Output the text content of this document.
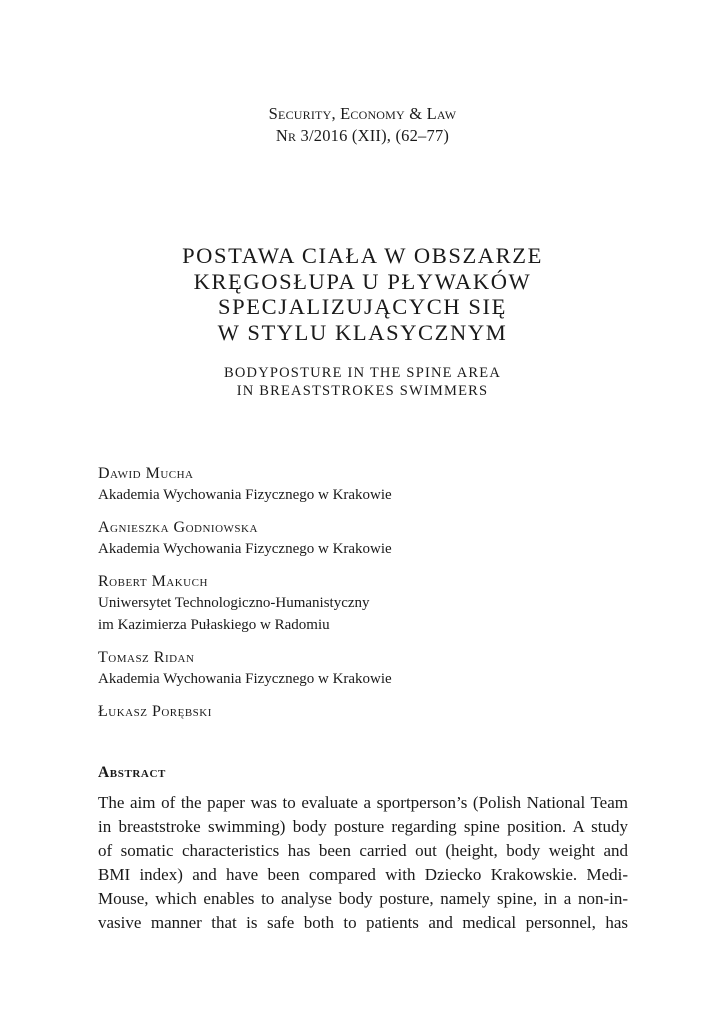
Security, Economy & Law
Nr 3/2016 (XII), (62–77)
POSTAWA CIAŁA W OBSZARZE
KRĘGOSŁUPA U PŁYWAKÓW
SPECJALIZUJĄCYCH SIĘ
W STYLU KLASYCZNYM
BODYPOSTURE IN THE SPINE AREA
IN BREASTSTROKES SWIMMERS
Dawid Mucha
Akademia Wychowania Fizycznego w Krakowie
Agnieszka Godniowska
Akademia Wychowania Fizycznego w Krakowie
Robert Makuch
Uniwersytet Technologiczno-Humanistyczny
im Kazimierza Pułaskiego w Radomiu
Tomasz Ridan
Akademia Wychowania Fizycznego w Krakowie
Łukasz Porębski
Abstract
The aim of the paper was to evaluate a sportperson’s (Polish National Team
in breaststroke swimming) body posture regarding spine position. A study
of somatic characteristics has been carried out (height, body weight and
BMI index) and have been compared with Dziecko Krakowskie. Medi-
Mouse, which enables to analyse body posture, namely spine, in a non-in-
vasive manner that is safe both to patients and medical personnel, has
